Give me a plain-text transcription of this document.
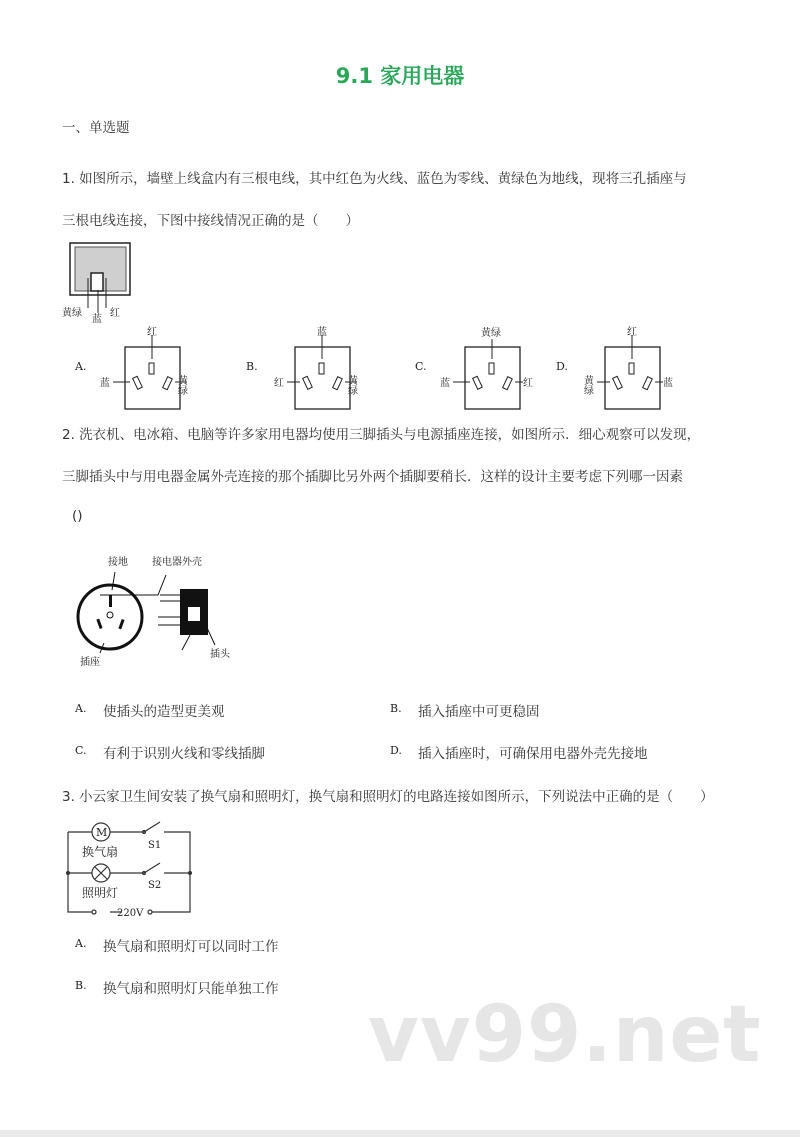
9.1 家用电器
一、单选题
1. 如图所示，墙壁上线盒内有三根电线，其中红色为火线、蓝色为零线、黄绿色为地线，现将三孔插座与
三根电线连接，下图中接线情况正确的是（　　）
黄绿
蓝
红
A.	B.	C.	D.
红
蓝	黄绿
蓝
红	黄绿
黄绿
蓝	红
红
黄绿	蓝
2. 洗衣机、电冰箱、电脑等许多家用电器均使用三脚插头与电源插座连接，如图所示．细心观察可以发现，
三脚插头中与用电器金属外壳连接的那个插脚比另外两个插脚要稍长．这样的设计主要考虑下列哪一因素
()
接地 接电器外壳
插座
插头
A. 使插头的造型更美观	B. 插入插座中可更稳固
C. 有利于识别火线和零线插脚	D. 插入插座时，可确保用电器外壳先接地
3. 小云家卫生间安装了换气扇和照明灯，换气扇和照明灯的电路连接如图所示，下列说法中正确的是（　　）
M
换气扇
照明灯
S1
S2
220V
A. 换气扇和照明灯可以同时工作
B. 换气扇和照明灯只能单独工作
vv99.net
